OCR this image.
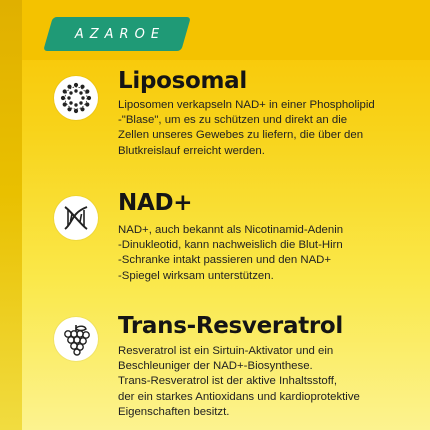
AZAROE
Liposomal
Liposomen verkapseln NAD+ in einer Phospholipid
-"Blase", um es zu schützen und direkt an die
Zellen unseres Gewebes zu liefern, die über den
Blutkreislauf erreicht werden.
NAD+
NAD+, auch bekannt als Nicotinamid-Adenin
-Dinukleotid, kann nachweislich die Blut-Hirn
-Schranke intakt passieren und den NAD+
-Spiegel wirksam unterstützen.
Trans-Resveratrol
Resveratrol ist ein Sirtuin-Aktivator und ein
Beschleuniger der NAD+-Biosynthese.
Trans-Resveratrol ist der aktive Inhaltsstoff,
der ein starkes Antioxidans und kardioprotektive
Eigenschaften besitzt.
